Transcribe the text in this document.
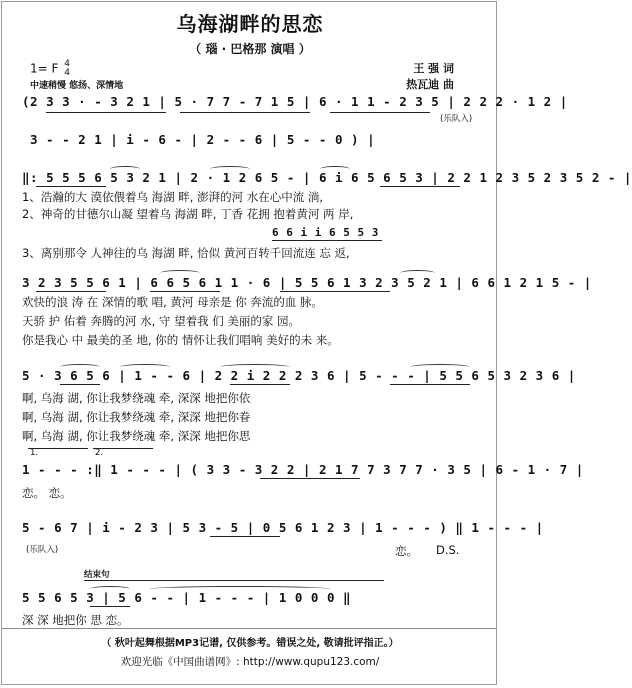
乌海湖畔的思恋
（ 瑙 · 巴格那 演唱 ）
1= F 4
4
中速稍慢 悠扬、深情地
王 强 词
热瓦迪 曲
(2 3 3 · - 3 2 1 | 5 · 7 7 - 7 1 5 | 6 · 1 1 - 2 3 5 | 2 2 2 · 1 2 |
(乐队入)
3 - - 2 1 | i - 6 - | 2 - - 6 | 5 - - 0 ) |
‖: 5 5 5 6 5 3 2 1 | 2 · 1 2 6 5 - | 6 i 6 5 6 5 3 | 2 2 1 2 3 5 2 3 5 2 - |
1、浩瀚的大 漠依偎着乌 海湖 畔, 澎湃的河 水在心中流 淌,
2、神奇的甘德尔山凝 望着乌 海湖 畔, 丁香 花拥 抱着黄河 两 岸,
6 6 i i 6 5 5 3
3、离别那令 人神往的乌 海湖 畔, 恰似 黄河百转千回流连 忘 返,
3 2 3 5 5 6 1 | 6 6 5 6 1 1 · 6 | 5 5 6 1 3 2 3 5 2 1 | 6 6 1 2 1 5 - |
欢快的浪 涛 在 深情的歌 唱, 黄河 母亲是 你 奔流的血 脉。
天骄 护 佑着 奔腾的河 水, 守 望着我 们 美丽的家 园。
你是我心 中 最美的圣 地, 你的 情怀让我们唱响 美好的未 来。
5 · 3 6 5 6 | 1 - - 6 | 2 2 i 2 2 2 3 6 | 5 - - - | 5 5 6 5 3 2 3 6 |
啊, 乌海 湖, 你让我梦绕魂 牵, 深深 地把你依
啊, 乌海 湖, 你让我梦绕魂 牵, 深深 地把你眷
啊, 乌海 湖, 你让我梦绕魂 牵, 深深 地把你思
1.	2.
1 - - - :‖ 1 - - - | ( 3 3 - 3 2 2 | 2 1 7 7 3 7 7 · 3 5 | 6 - 1 · 7 |
恋。 恋。
5 - 6 7 | i - 2 3 | 5 3 - 5 | 0 5 6 1 2 3 | 1 - - - ) ‖ 1 - - - |
(乐队入)	恋。 D.S.
结束句
5 5 6 5 3 | 5 6 - - | 1 - - - | 1 0 0 0 ‖
深 深 地把你 思 恋。
（ 秋叶起舞根据MP3记谱, 仅供参考。错误之处, 敬请批评指正。）
欢迎光临《中国曲谱网》: http://www.qupu123.com/
